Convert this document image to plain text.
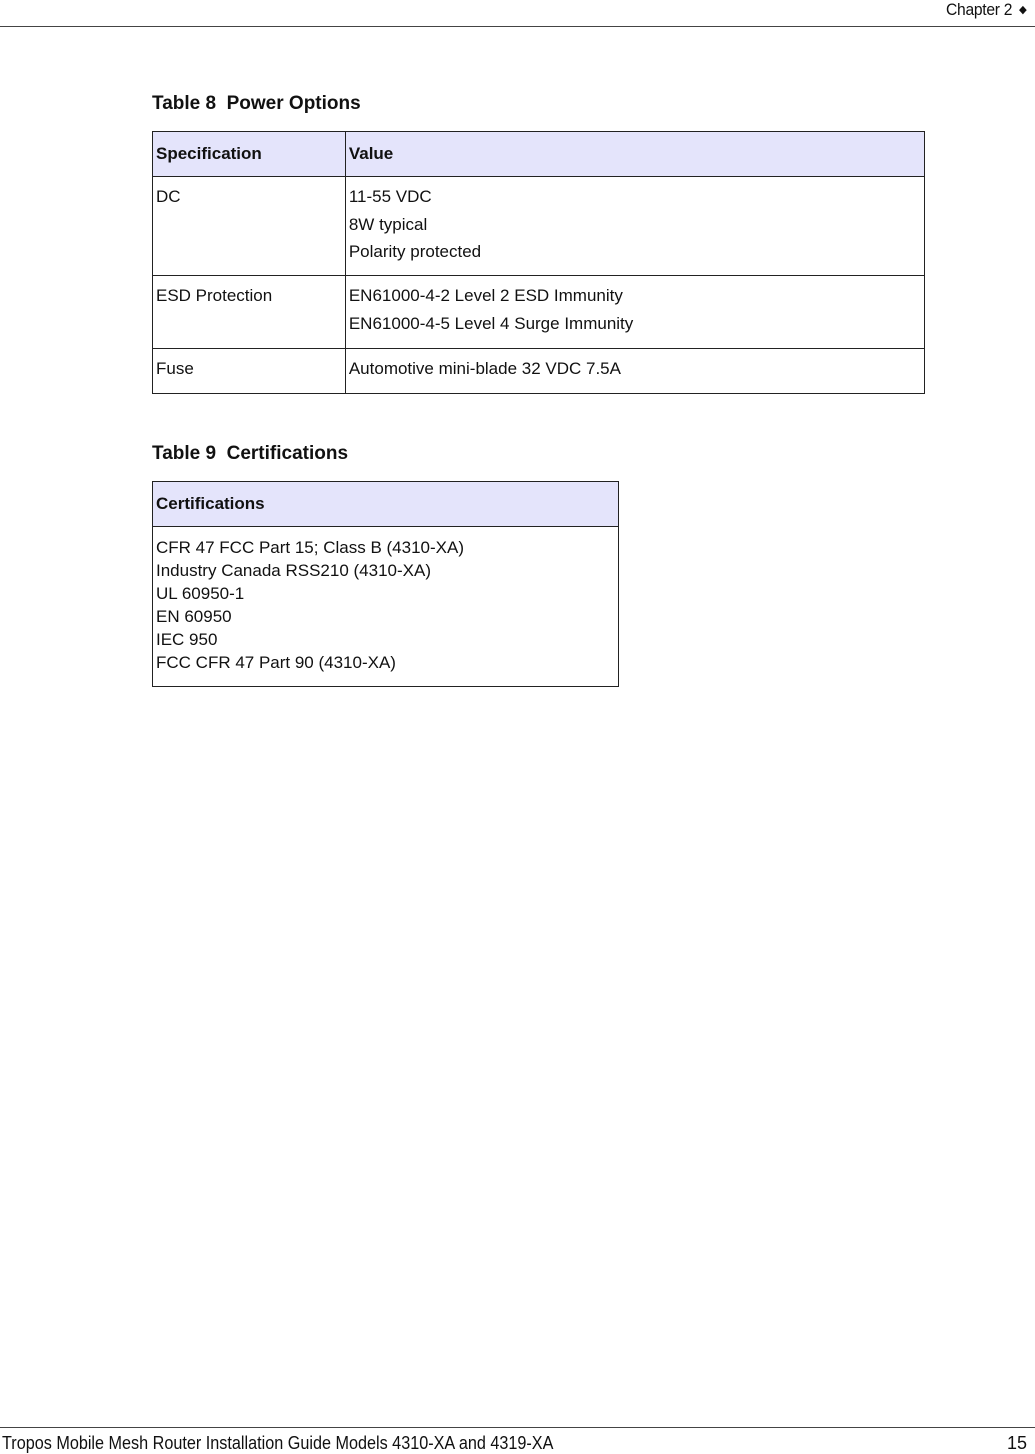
Chapter 2 ◆
Table 8  Power Options
Specification	Value

DC	11-55 VDC
8W typical
Polarity protected

ESD Protection	EN61000-4-2 Level 2 ESD Immunity
EN61000-4-5 Level 4 Surge Immunity

Fuse	Automotive mini-blade 32 VDC 7.5A
Table 9  Certifications
Certifications

CFR 47 FCC Part 15; Class B (4310-XA)
Industry Canada RSS210 (4310-XA)
UL 60950-1
EN 60950
IEC 950
FCC CFR 47 Part 90 (4310-XA)
Tropos Mobile Mesh Router Installation Guide Models 4310-XA and 4319-XA	15
